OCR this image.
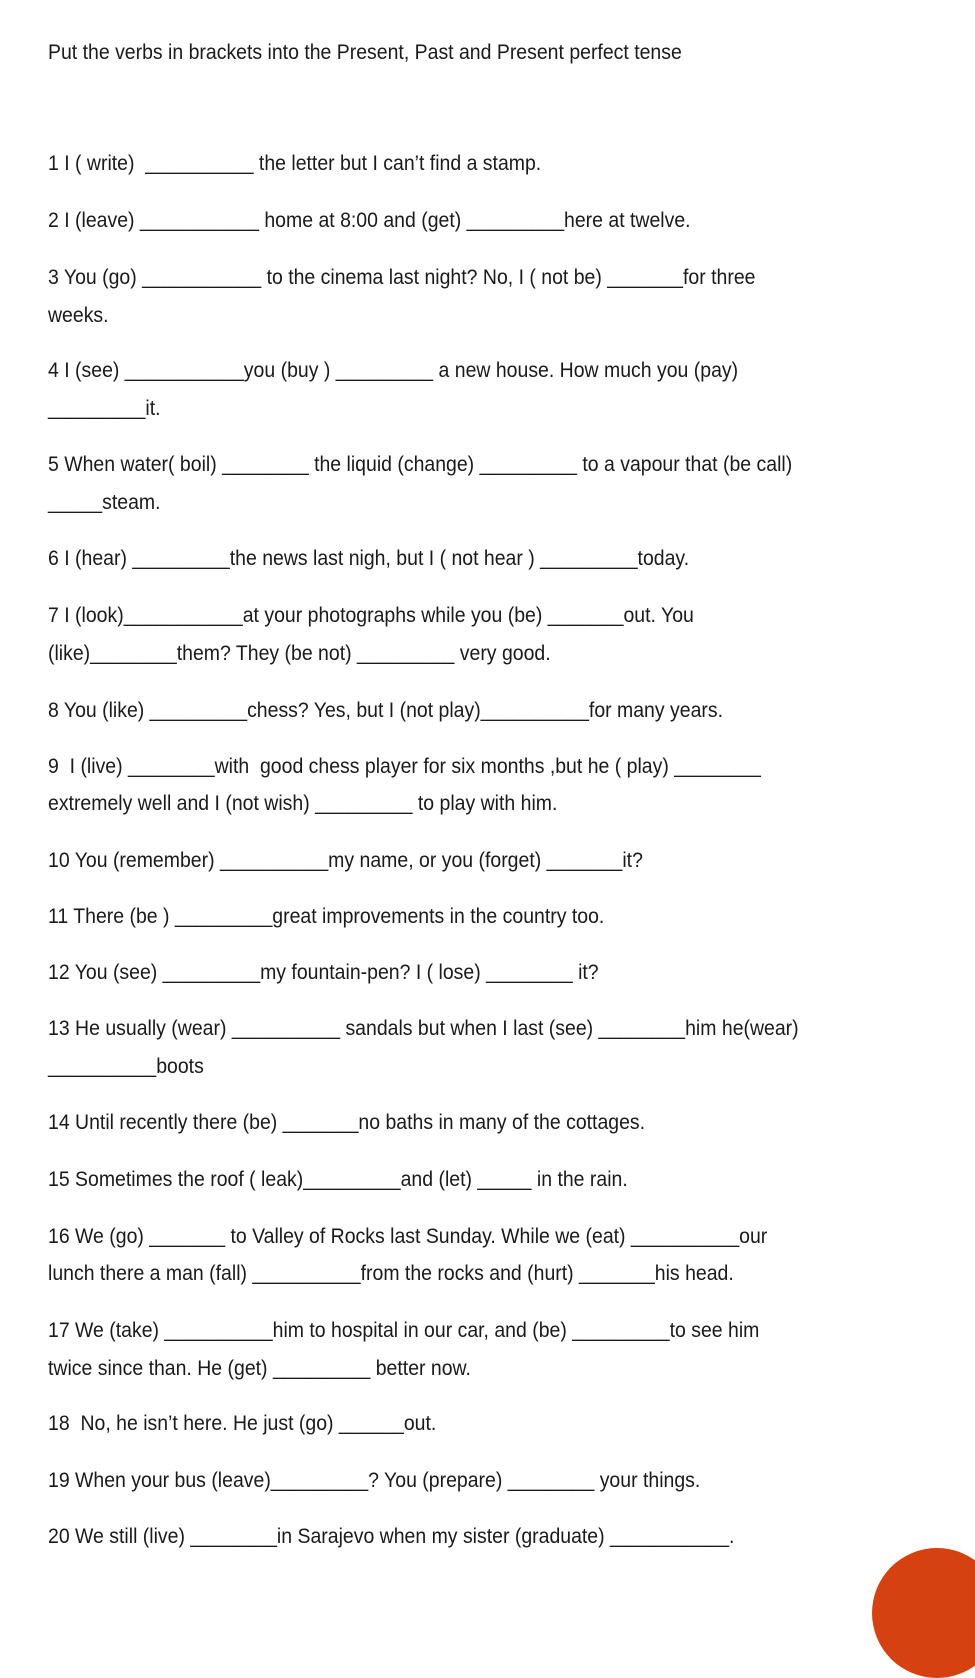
Put the verbs in brackets into the Present, Past and Present perfect tense
1 I ( write)  __________ the letter but I can’t find a stamp.
2 I (leave) ___________ home at 8:00 and (get) _________here at twelve.
3 You (go) ___________ to the cinema last night? No, I ( not be) _______for three
weeks.
4 I (see) ___________you (buy ) _________ a new house. How much you (pay)
_________it.
5 When water( boil) ________ the liquid (change) _________ to a vapour that (be call)
_____steam.
6 I (hear) _________the news last nigh, but I ( not hear ) _________today.
7 I (look)___________at your photographs while you (be) _______out. You
(like)________them? They (be not) _________ very good.
8 You (like) _________chess? Yes, but I (not play)__________for many years.
9  I (live) ________with  good chess player for six months ,but he ( play) ________
extremely well and I (not wish) _________ to play with him.
10 You (remember) __________my name, or you (forget) _______it?
11 There (be ) _________great improvements in the country too.
12 You (see) _________my fountain-pen? I ( lose) ________ it?
13 He usually (wear) __________ sandals but when I last (see) ________him he(wear)
__________boots
14 Until recently there (be) _______no baths in many of the cottages.
15 Sometimes the roof ( leak)_________and (let) _____ in the rain.
16 We (go) _______ to Valley of Rocks last Sunday. While we (eat) __________our
lunch there a man (fall) __________from the rocks and (hurt) _______his head.
17 We (take) __________him to hospital in our car, and (be) _________to see him
twice since than. He (get) _________ better now.
18  No, he isn’t here. He just (go) ______out.
19 When your bus (leave)_________? You (prepare) ________ your things.
20 We still (live) ________in Sarajevo when my sister (graduate) ___________.
